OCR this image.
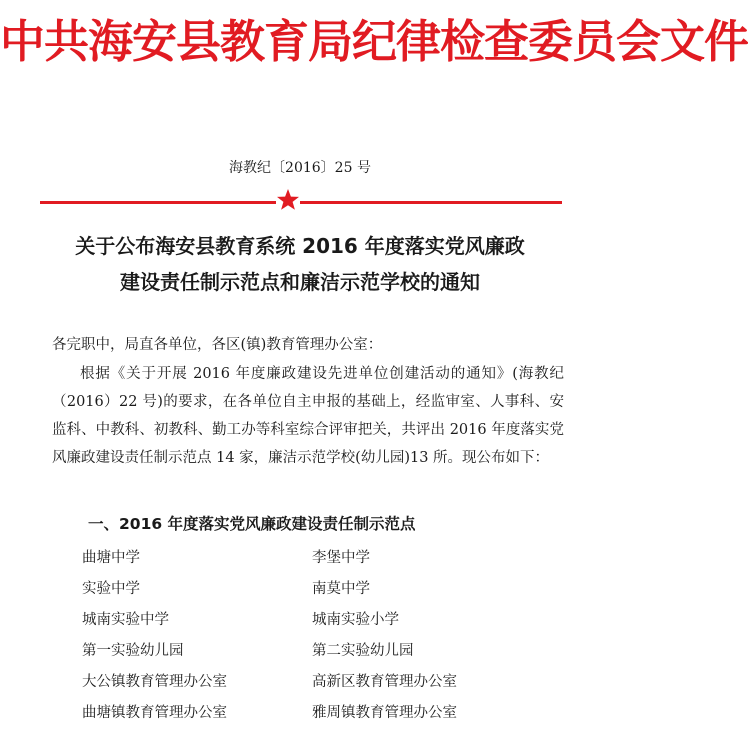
中共海安县教育局纪律检查委员会文件
海教纪〔2016〕25 号
关于公布海安县教育系统 2016 年度落实党风廉政
建设责任制示范点和廉洁示范学校的通知
各完职中，局直各单位，各区(镇)教育管理办公室：
根据《关于开展 2016 年度廉政建设先进单位创建活动的通知》(海教纪（2016）22 号)的要求，在各单位自主申报的基础上，经监审室、人事科、安监科、中教科、初教科、勤工办等科室综合评审把关，共评出 2016 年度落实党风廉政建设责任制示范点 14 家，廉洁示范学校(幼儿园)13 所。现公布如下：
一、2016 年度落实党风廉政建设责任制示范点
曲塘中学
实验中学
城南实验中学
第一实验幼儿园
大公镇教育管理办公室
曲塘镇教育管理办公室
李堡中学
南莫中学
城南实验小学
第二实验幼儿园
高新区教育管理办公室
雅周镇教育管理办公室
